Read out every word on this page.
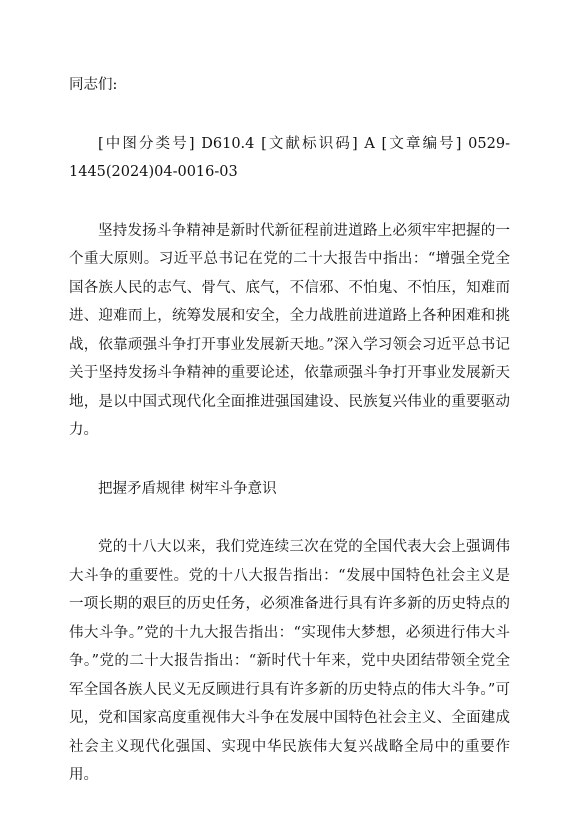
同志们:

[中图分类号] D610.4 [文献标识码] A [文章编号] 0529-1445(2024)04-0016-03

坚持发扬斗争精神是新时代新征程前进道路上必须牢牢把握的一个重大原则。习近平总书记在党的二十大报告中指出：“增强全党全国各族人民的志气、骨气、底气，不信邪、不怕鬼、不怕压，知难而进、迎难而上，统筹发展和安全，全力战胜前进道路上各种困难和挑战，依靠顽强斗争打开事业发展新天地。”深入学习领会习近平总书记关于坚持发扬斗争精神的重要论述，依靠顽强斗争打开事业发展新天地，是以中国式现代化全面推进强国建设、民族复兴伟业的重要驱动力。

把握矛盾规律 树牢斗争意识

党的十八大以来，我们党连续三次在党的全国代表大会上强调伟大斗争的重要性。党的十八大报告指出：“发展中国特色社会主义是一项长期的艰巨的历史任务，必须准备进行具有许多新的历史特点的伟大斗争。”党的十九大报告指出：“实现伟大梦想，必须进行伟大斗争。”党的二十大报告指出：“新时代十年来，党中央团结带领全党全军全国各族人民义无反顾进行具有许多新的历史特点的伟大斗争。”可见，党和国家高度重视伟大斗争在发展中国特色社会主义、全面建成社会主义现代化强国、实现中华民族伟大复兴战略全局中的重要作用。
